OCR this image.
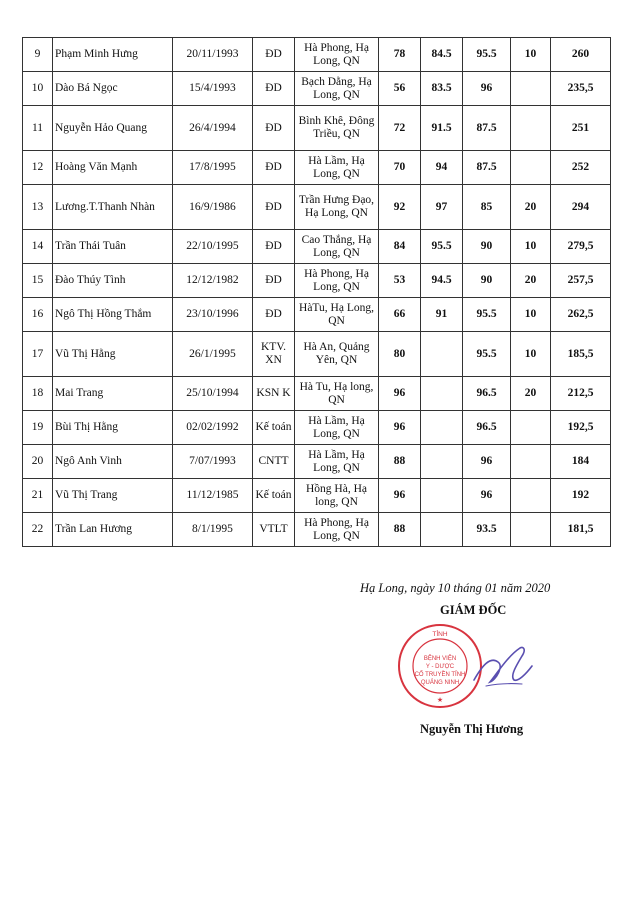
9	Phạm Minh Hưng	20/11/1993	ĐD	Hà Phong, Hạ Long, QN	78	84.5	95.5	10	260
10	Dào Bá Ngọc	15/4/1993	ĐD	Bạch Dằng, Hạ Long, QN	56	83.5	96		235,5
11	Nguyễn Hảo Quang	26/4/1994	ĐD	Bình Khê, Đông Triều, QN	72	91.5	87.5		251
12	Hoàng Văn Mạnh	17/8/1995	ĐD	Hà Lầm, Hạ Long, QN	70	94	87.5		252
13	Lương.T.Thanh Nhàn	16/9/1986	ĐD	Trần Hưng Đạo, Hạ Long, QN	92	97	85	20	294
14	Trần Thái Tuân	22/10/1995	ĐD	Cao Thắng, Hạ Long, QN	84	95.5	90	10	279,5
15	Đào Thúy Tình	12/12/1982	ĐD	Hà Phong, Hạ Long, QN	53	94.5	90	20	257,5
16	Ngô Thị Hồng Thắm	23/10/1996	ĐD	HàTu, Hạ Long, QN	66	91	95.5	10	262,5
17	Vũ Thị Hằng	26/1/1995	KTV. XN	Hà An, Quảng Yên, QN	80		95.5	10	185,5
18	Mai Trang	25/10/1994	KSN K	Hà Tu, Hạ long, QN	96		96.5	20	212,5
19	Bùi Thị Hằng	02/02/1992	Kế toán	Hà Lầm, Hạ Long, QN	96		96.5		192,5
20	Ngô Anh Vinh	7/07/1993	CNTT	Hà Lầm, Hạ Long, QN	88		96		184
21	Vũ Thị Trang	11/12/1985	Kế toán	Hồng Hà, Hạ long, QN	96		96		192
22	Trần Lan Hương	8/1/1995	VTLT	Hà Phong, Hạ Long, QN	88		93.5		181,5
Hạ Long, ngày 10 tháng 01 năm 2020
GIÁM ĐỐC
TỈNH
BỆNH VIỆN
Y - DƯỢC
CỔ TRUYỀN TỈNH
QUẢNG NINH
★
Nguyễn Thị Hương
